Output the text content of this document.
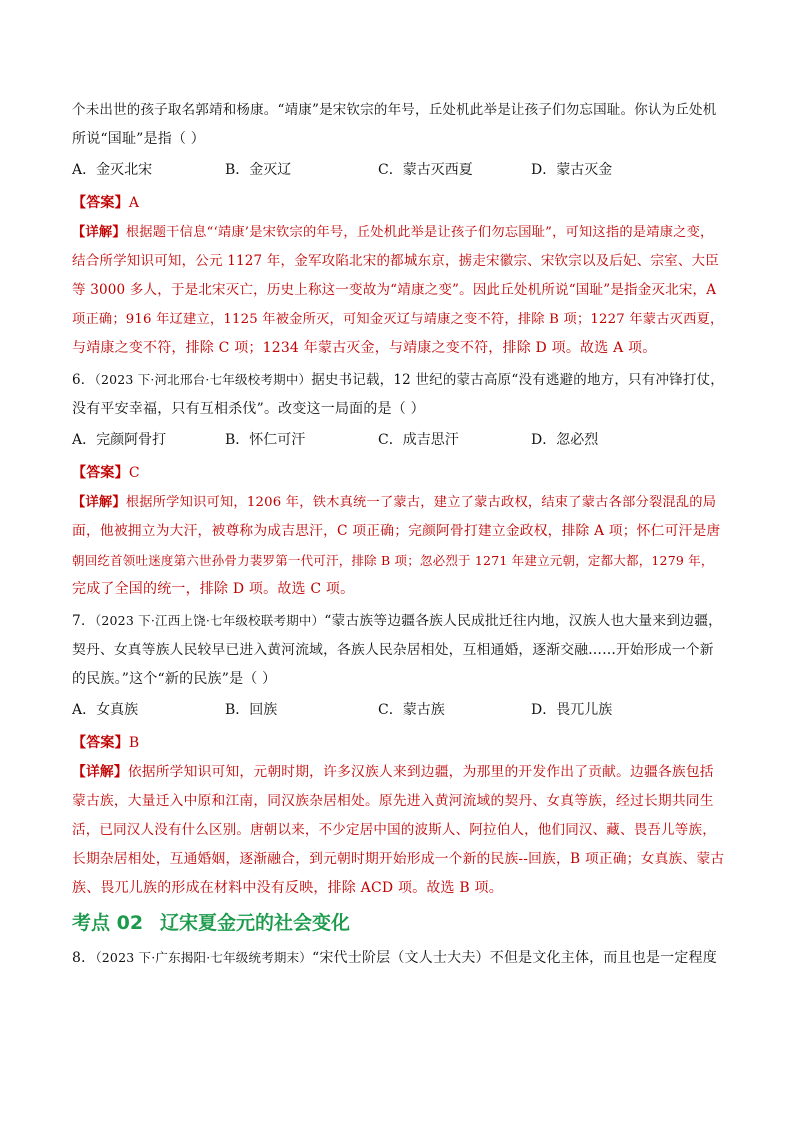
个未出世的孩子取名郭靖和杨康。“靖康”是宋钦宗的年号，丘处机此举是让孩子们勿忘国耻。你认为丘处机
所说“国耻”是指（ ）
A．金灭北宋	B．金灭辽	C．蒙古灭西夏	D．蒙古灭金
【答案】A
【详解】根据题干信息“‘靖康’是宋钦宗的年号，丘处机此举是让孩子们勿忘国耻”，可知这指的是靖康之变，
结合所学知识可知，公元 1127 年，金军攻陷北宋的都城东京，掳走宋徽宗、宋钦宗以及后妃、宗室、大臣
等 3000 多人，于是北宋灭亡，历史上称这一变故为“靖康之变”。因此丘处机所说“国耻”是指金灭北宋，A
项正确；916 年辽建立，1125 年被金所灭，可知金灭辽与靖康之变不符，排除 B 项；1227 年蒙古灭西夏，
与靖康之变不符，排除 C 项；1234 年蒙古灭金，与靖康之变不符，排除 D 项。故选 A 项。
6．（2023 下·河北邢台·七年级校考期中）据史书记载，12 世纪的蒙古高原“没有逃避的地方，只有冲锋打仗，
没有平安幸福，只有互相杀伐”。改变这一局面的是（ ）
A．完颜阿骨打	B．怀仁可汗	C．成吉思汗	D．忽必烈
【答案】C
【详解】根据所学知识可知，1206 年，铁木真统一了蒙古，建立了蒙古政权，结束了蒙古各部分裂混乱的局
面，他被拥立为大汗，被尊称为成吉思汗，C 项正确；完颜阿骨打建立金政权，排除 A 项；怀仁可汗是唐
朝回纥首领吐迷度第六世孙骨力裴罗第一代可汗，排除 B 项；忽必烈于 1271 年建立元朝，定都大都，1279 年，
完成了全国的统一，排除 D 项。故选 C 项。
7．（2023 下·江西上饶·七年级校联考期中）“蒙古族等边疆各族人民成批迁往内地，汉族人也大量来到边疆，
契丹、女真等族人民较早已进入黄河流域，各族人民杂居相处，互相通婚，逐渐交融……开始形成一个新
的民族。”这个“新的民族”是（ ）
A．女真族	B．回族	C．蒙古族	D．畏兀儿族
【答案】B
【详解】依据所学知识可知，元朝时期，许多汉族人来到边疆，为那里的开发作出了贡献。边疆各族包括
蒙古族，大量迁入中原和江南，同汉族杂居相处。原先进入黄河流域的契丹、女真等族，经过长期共同生
活，已同汉人没有什么区别。唐朝以来，不少定居中国的波斯人、阿拉伯人，他们同汉、藏、畏吾儿等族，
长期杂居相处，互通婚姻，逐渐融合，到元朝时期开始形成一个新的民族--回族，B 项正确；女真族、蒙古
族、畏兀儿族的形成在材料中没有反映，排除 ACD 项。故选 B 项。
考点 02 辽宋夏金元的社会变化
8．（2023 下·广东揭阳·七年级统考期末）“宋代士阶层（文人士大夫）不但是文化主体，而且也是一定程度
